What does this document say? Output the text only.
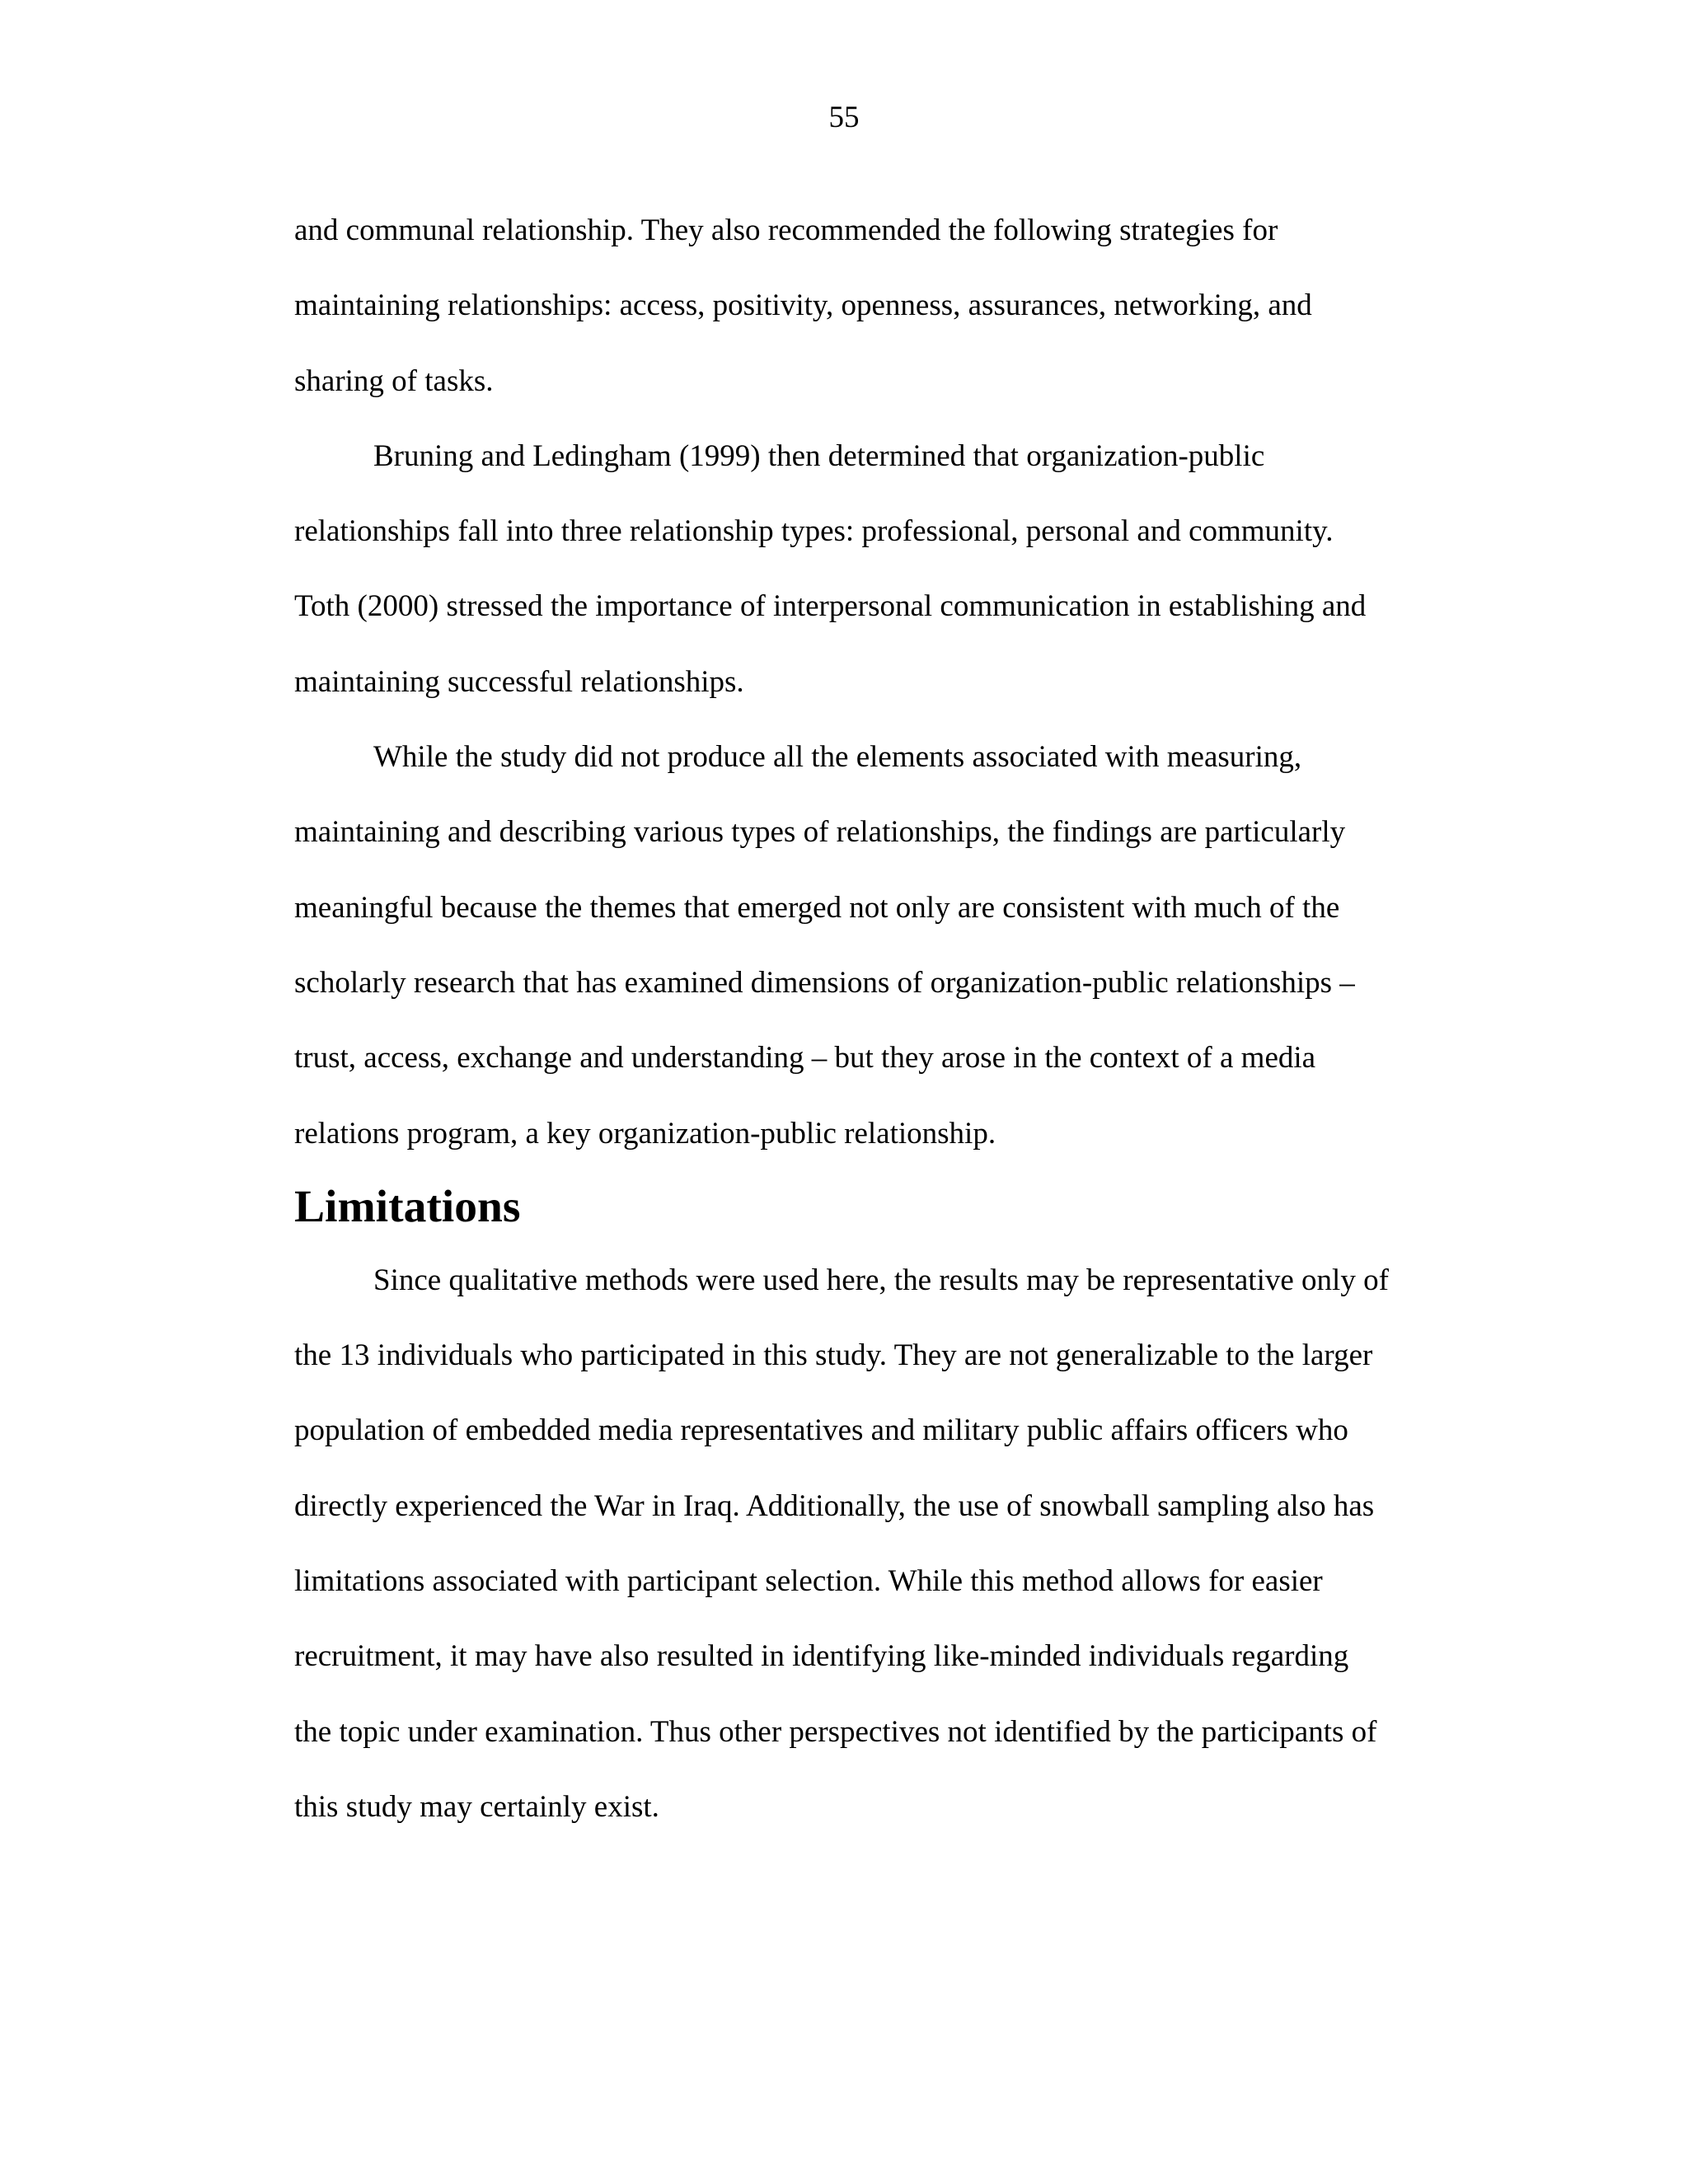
55

and communal relationship. They also recommended the following strategies for
maintaining relationships: access, positivity, openness, assurances, networking, and
sharing of tasks.

Bruning and Ledingham (1999) then determined that organization-public
relationships fall into three relationship types: professional, personal and community.
Toth (2000) stressed the importance of interpersonal communication in establishing and
maintaining successful relationships.

While the study did not produce all the elements associated with measuring,
maintaining and describing various types of relationships, the findings are particularly
meaningful because the themes that emerged not only are consistent with much of the
scholarly research that has examined dimensions of organization-public relationships –
trust, access, exchange and understanding – but they arose in the context of a media
relations program, a key organization-public relationship.

Limitations

Since qualitative methods were used here, the results may be representative only of
the 13 individuals who participated in this study. They are not generalizable to the larger
population of embedded media representatives and military public affairs officers who
directly experienced the War in Iraq. Additionally, the use of snowball sampling also has
limitations associated with participant selection. While this method allows for easier
recruitment, it may have also resulted in identifying like-minded individuals regarding
the topic under examination. Thus other perspectives not identified by the participants of
this study may certainly exist.
